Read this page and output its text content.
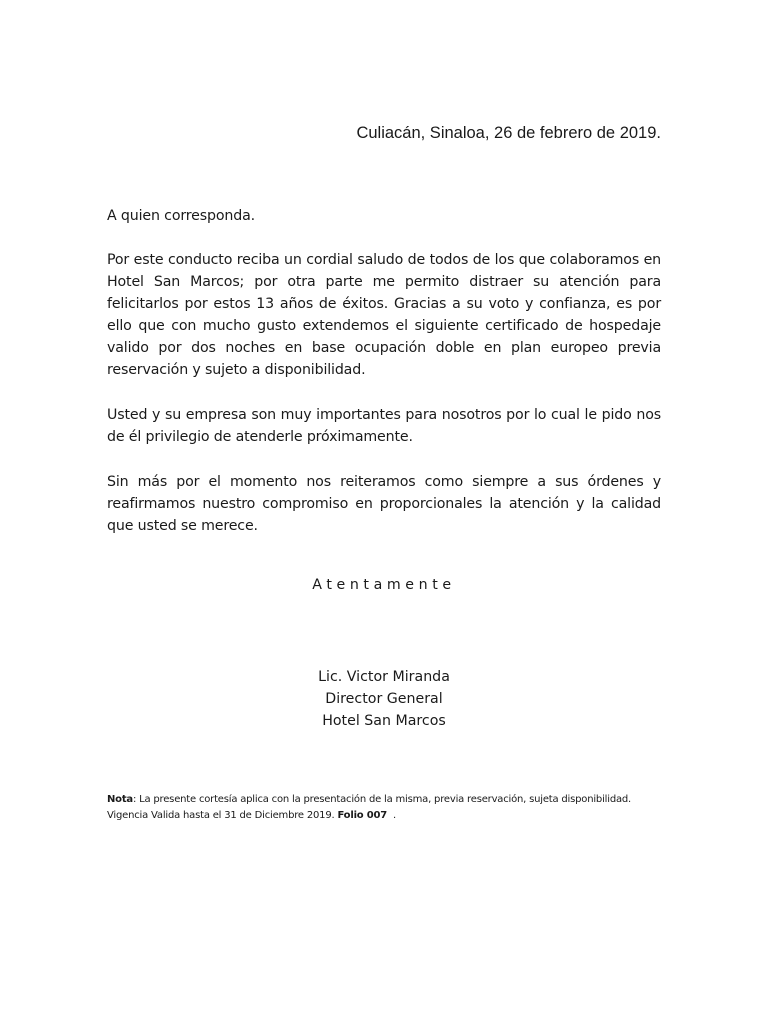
Culiacán, Sinaloa, 26 de febrero de 2019.
A quien corresponda.
Por este conducto reciba un cordial saludo de todos de los que colaboramos en Hotel San Marcos; por otra parte me permito distraer su atención para felicitarlos por estos 13 años de éxitos. Gracias a su voto y confianza, es por ello que con mucho gusto extendemos el siguiente certificado de hospedaje valido por dos noches en base ocupación doble en plan europeo previa reservación y sujeto a disponibilidad.
Usted y su empresa son muy importantes para nosotros por lo cual le pido nos de él privilegio de atenderle próximamente.
Sin más por el momento nos reiteramos como siempre a sus órdenes y reafirmamos nuestro compromiso en proporcionales la atención y la calidad que usted se merece.
Atentamente
Lic. Victor Miranda
Director General
Hotel San Marcos
Nota: La presente cortesía aplica con la presentación de la misma, previa reservación, sujeta disponibilidad.
Vigencia Valida hasta el 31 de Diciembre 2019. Folio 007  .
